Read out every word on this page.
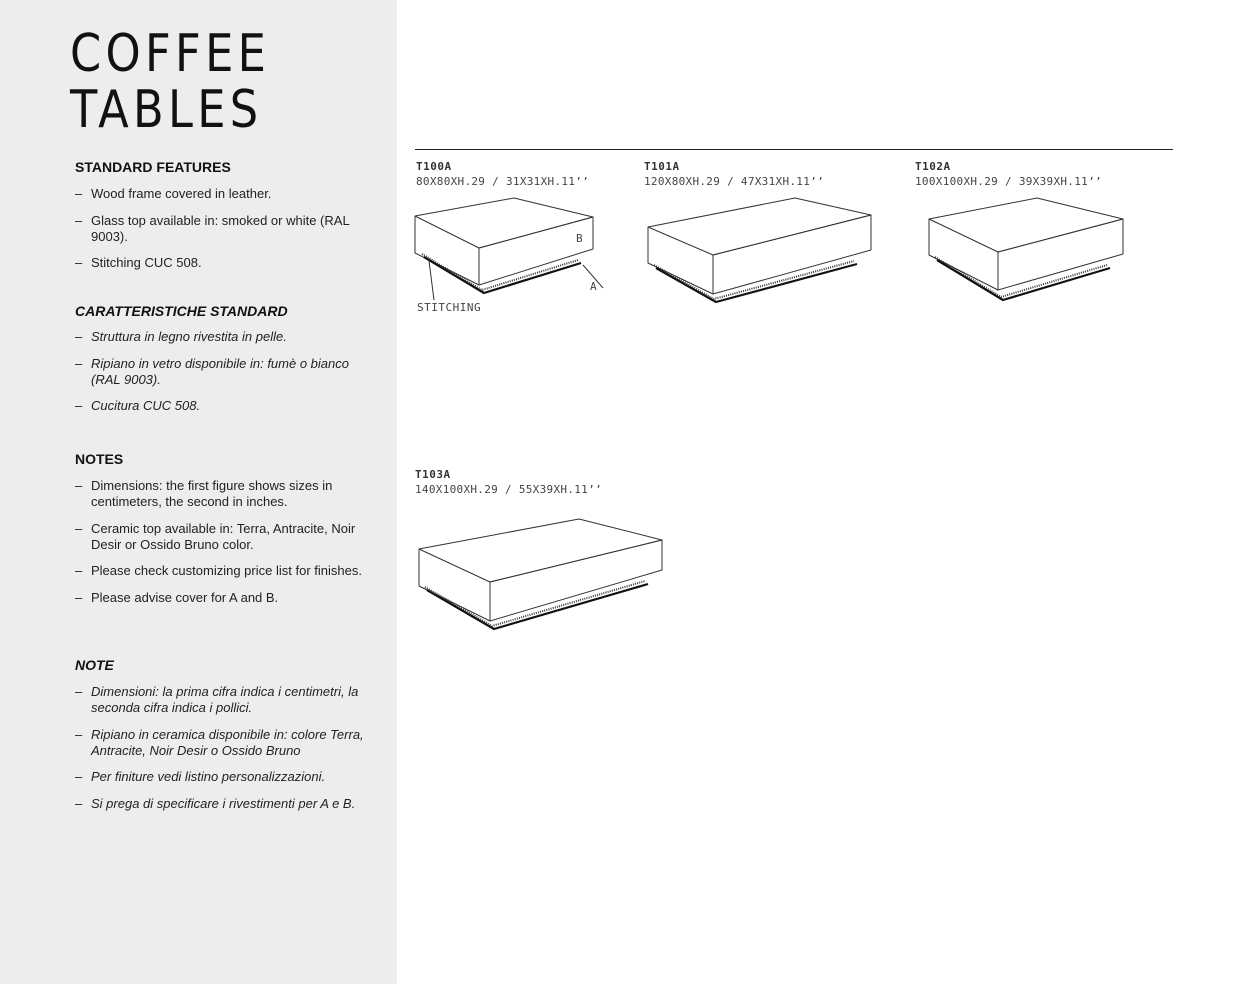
COFFEE
TABLES
STANDARD FEATURES
– Wood frame covered in leather.
– Glass top available in: smoked or white (RAL 9003).
– Stitching CUC 508.
CARATTERISTICHE STANDARD
– Struttura in legno rivestita in pelle.
– Ripiano in vetro disponibile in: fumè o bianco (RAL 9003).
– Cucitura CUC 508.
NOTES
– Dimensions: the first figure shows sizes in centimeters, the second in inches.
– Ceramic top available in: Terra, Antracite, Noir Desir or Ossido Bruno color.
– Please check customizing price list for finishes.
– Please advise cover for A and B.
NOTE
– Dimensioni: la prima cifra indica i centimetri, la seconda cifra indica i pollici.
– Ripiano in ceramica disponibile in: colore Terra, Antracite, Noir Desir o Ossido Bruno
– Per finiture vedi listino personalizzazioni.
– Si prega di specificare i rivestimenti per A e B.
T100A
80X80XH.29 / 31X31XH.11’’
B
A
STITCHING
T101A
120X80XH.29 / 47X31XH.11’’
T102A
100X100XH.29 / 39X39XH.11’’
T103A
140X100XH.29 / 55X39XH.11’’
